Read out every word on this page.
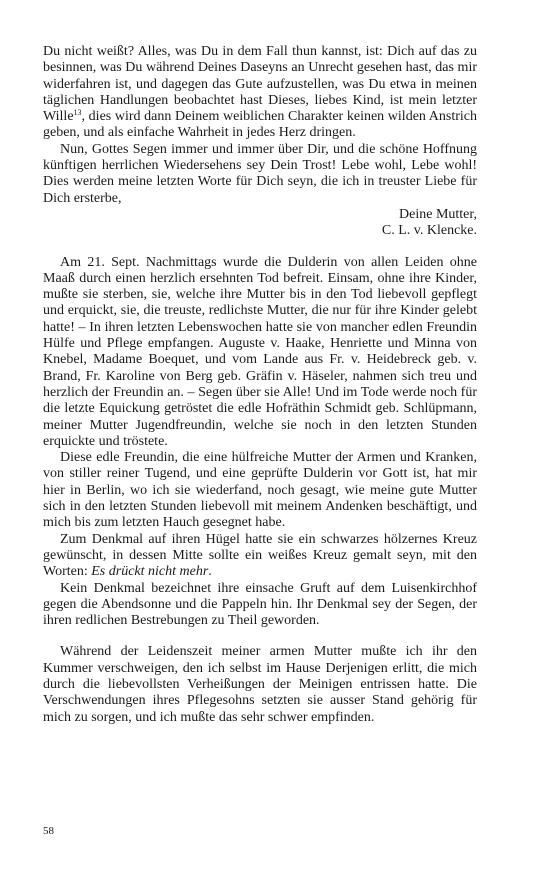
Du nicht weißt? Alles, was Du in dem Fall thun kannst, ist: Dich auf das zu besinnen, was Du während Deines Daseyns an Unrecht gesehen hast, das mir widerfahren ist, und dagegen das Gute aufzustellen, was Du etwa in meinen täglichen Handlungen beobachtet hast Dieses, liebes Kind, ist mein letzter Wille$^{13}$, dies wird dann Deinem weiblichen Charakter keinen wilden Anstrich geben, und als einfache Wahrheit in jedes Herz dringen.

Nun, Gottes Segen immer und immer über Dir, und die schöne Hoffnung künftigen herrlichen Wiedersehens sey Dein Trost! Lebe wohl, Lebe wohl! Dies werden meine letzten Worte für Dich seyn, die ich in treuster Liebe für Dich ersterbe,

Deine Mutter,
C. L. v. Klencke.

Am 21. Sept. Nachmittags wurde die Dulderin von allen Leiden ohne Maaß durch einen herzlich ersehnten Tod befreit. Einsam, ohne ihre Kinder, mußte sie sterben, sie, welche ihre Mutter bis in den Tod liebevoll gepflegt und erquickt, sie, die treuste, redlichste Mutter, die nur für ihre Kinder gelebt hatte! – In ihren letzten Lebenswochen hatte sie von mancher edlen Freundin Hülfe und Pflege empfangen. Auguste v. Haake, Henriette und Minna von Knebel, Madame Boequet, und vom Lande aus Fr. v. Heidebreck geb. v. Brand, Fr. Karoline von Berg geb. Gräfin v. Häseler, nahmen sich treu und herzlich der Freundin an. – Segen über sie Alle! Und im Tode werde noch für die letzte Equickung getröstet die edle Hofräthin Schmidt geb. Schlüpmann, meiner Mutter Jugendfreundin, welche sie noch in den letzten Stunden erquickte und tröstete.

Diese edle Freundin, die eine hülfreiche Mutter der Armen und Kranken, von stiller reiner Tugend, und eine geprüfte Dulderin vor Gott ist, hat mir hier in Berlin, wo ich sie wiederfand, noch gesagt, wie meine gute Mutter sich in den letzten Stunden liebevoll mit meinem Andenken beschäftigt, und mich bis zum letzten Hauch gesegnet habe.

Zum Denkmal auf ihren Hügel hatte sie ein schwarzes hölzernes Kreuz gewünscht, in dessen Mitte sollte ein weißes Kreuz gemalt seyn, mit den Worten: Es drückt nicht mehr.

Kein Denkmal bezeichnet ihre einsache Gruft auf dem Luisenkirchhof gegen die Abendsonne und die Pappeln hin. Ihr Denkmal sey der Segen, der ihren redlichen Bestrebungen zu Theil geworden.

Während der Leidenszeit meiner armen Mutter mußte ich ihr den Kummer verschweigen, den ich selbst im Hause Derjenigen erlitt, die mich durch die liebevollsten Verheißungen der Meinigen entrissen hatte. Die Verschwendungen ihres Pflegesohns setzten sie ausser Stand gehörig für mich zu sorgen, und ich mußte das sehr schwer empfinden.

58
